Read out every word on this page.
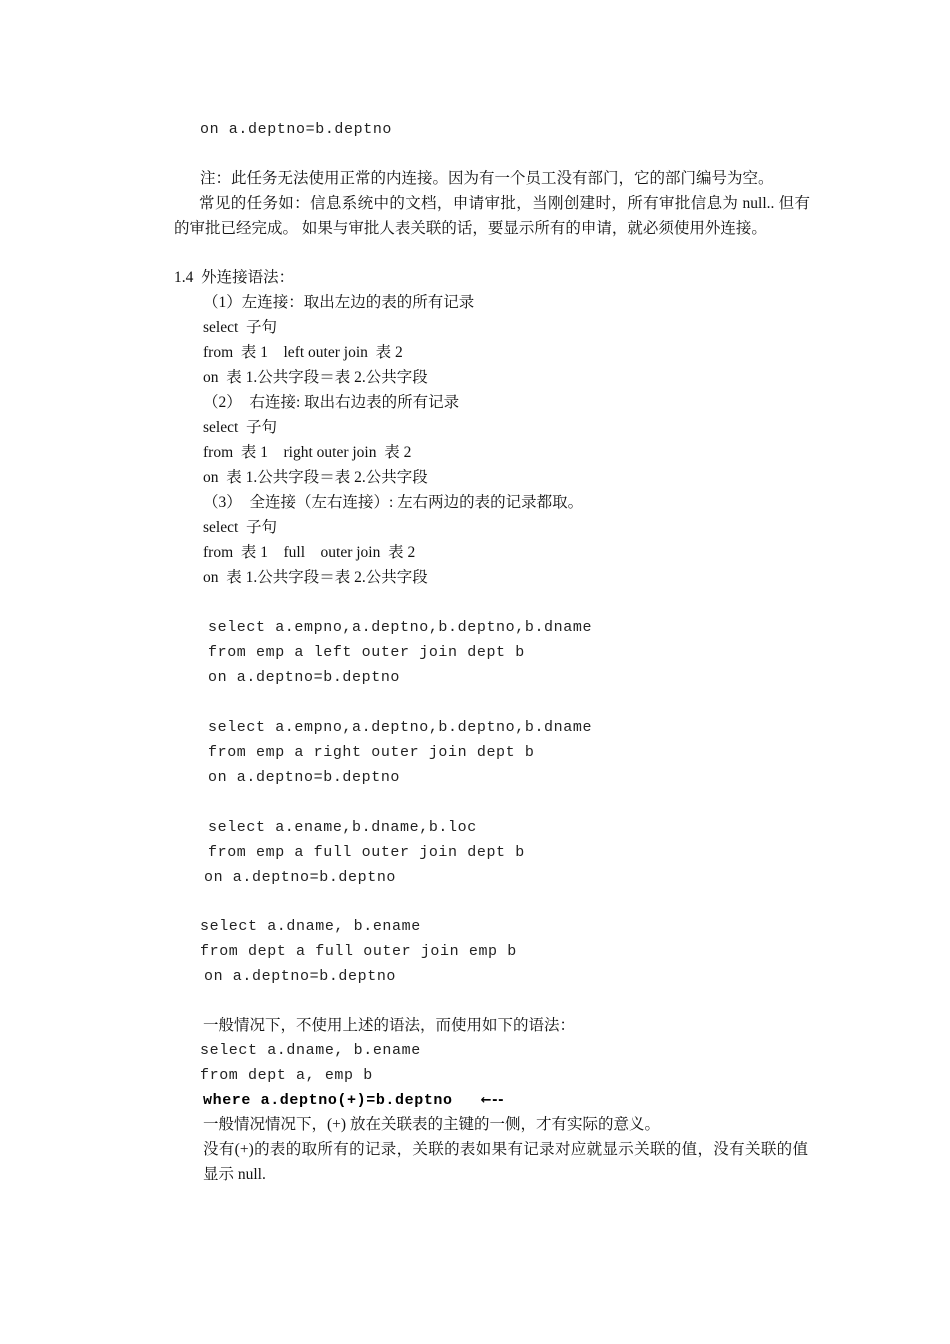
on a.deptno=b.deptno
注：此任务无法使用正常的内连接。因为有一个员工没有部门，它的部门编号为空。
常见的任务如：信息系统中的文档，申请审批，当刚创建时，所有审批信息为 null.. 但有的审批已经完成。 如果与审批人表关联的话，要显示所有的申请，就必须使用外连接。
1.4  外连接语法：
（1）左连接：取出左边的表的所有记录
select  子句
from  表 1    left outer join  表 2
on  表 1.公共字段＝表 2.公共字段
（2）  右连接: 取出右边表的所有记录
select  子句
from  表 1    right outer join  表 2
on  表 1.公共字段＝表 2.公共字段
（3）  全连接（左右连接）: 左右两边的表的记录都取。
select  子句
from  表 1    full    outer join  表 2
on  表 1.公共字段＝表 2.公共字段
select a.empno,a.deptno,b.deptno,b.dname
from emp a left outer join dept b
on a.deptno=b.deptno
select a.empno,a.deptno,b.deptno,b.dname
from emp a right outer join dept b
on a.deptno=b.deptno
select a.ename,b.dname,b.loc
from emp a full outer join dept b
on a.deptno=b.deptno
select a.dname, b.ename
from dept a full outer join emp b
on a.deptno=b.deptno
一般情况下，不使用上述的语法，而使用如下的语法：
select a.dname, b.ename
from dept a, emp b
where a.deptno(+)=b.deptno ←--
一般情况情况下，(+) 放在关联表的主键的一侧，才有实际的意义。
没有(+)的表的取所有的记录，关联的表如果有记录对应就显示关联的值，没有关联的值显示 null.
